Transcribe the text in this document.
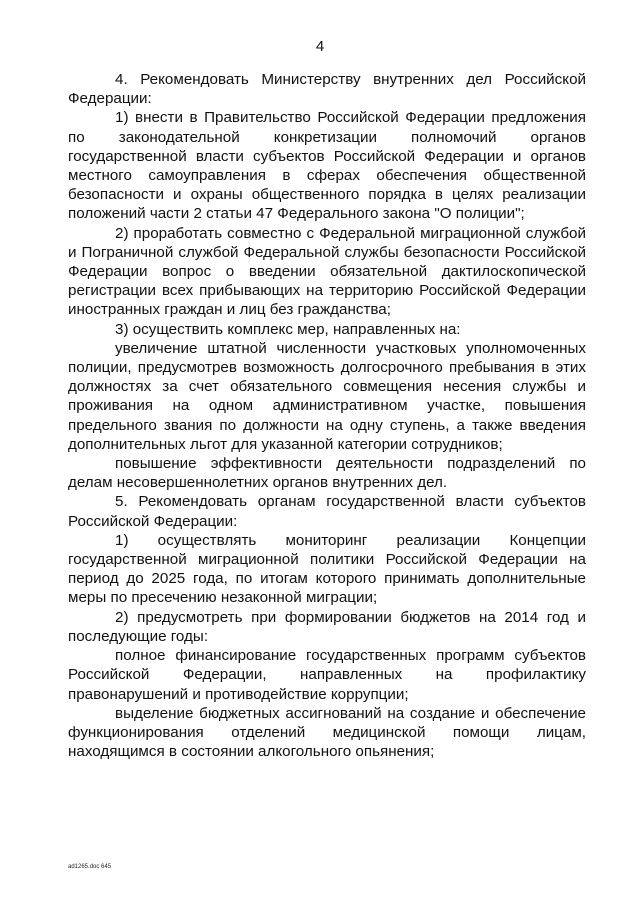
4

4. Рекомендовать Министерству внутренних дел Российской Федерации:

1) внести в Правительство Российской Федерации предложения по законодательной конкретизации полномочий органов государственной власти субъектов Российской Федерации и органов местного самоуправления в сферах обеспечения общественной безопасности и охраны общественного порядка в целях реализации положений части 2 статьи 47 Федерального закона "О полиции";

2) проработать совместно с Федеральной миграционной службой и Пограничной службой Федеральной службы безопасности Российской Федерации вопрос о введении обязательной дактилоскопической регистрации всех прибывающих на территорию Российской Федерации иностранных граждан и лиц без гражданства;

3) осуществить комплекс мер, направленных на:

увеличение штатной численности участковых уполномоченных полиции, предусмотрев возможность долгосрочного пребывания в этих должностях за счет обязательного совмещения несения службы и проживания на одном административном участке, повышения предельного звания по должности на одну ступень, а также введения дополнительных льгот для указанной категории сотрудников;

повышение эффективности деятельности подразделений по делам несовершеннолетних органов внутренних дел.

5. Рекомендовать органам государственной власти субъектов Российской Федерации:

1) осуществлять мониторинг реализации Концепции государственной миграционной политики Российской Федерации на период до 2025 года, по итогам которого принимать дополнительные меры по пресечению незаконной миграции;

2) предусмотреть при формировании бюджетов на 2014 год и последующие годы:

полное финансирование государственных программ субъектов Российской Федерации, направленных на профилактику правонарушений и противодействие коррупции;

выделение бюджетных ассигнований на создание и обеспечение функционирования отделений медицинской помощи лицам, находящимся в состоянии алкогольного опьянения;

ad1265.doc 645
